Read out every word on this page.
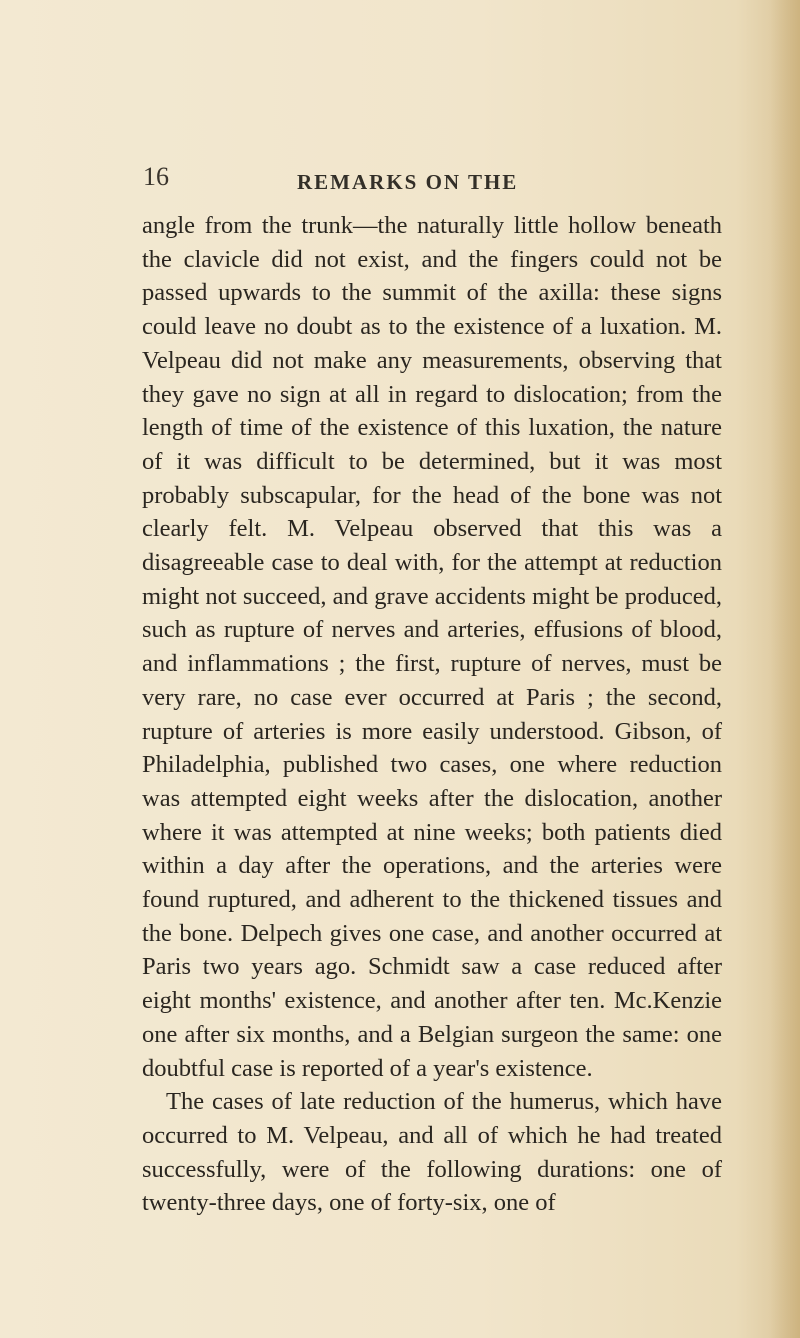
16	REMARKS ON THE

angle from the trunk—the naturally little hollow beneath the clavicle did not exist, and the fingers could not be passed upwards to the summit of the axilla: these signs could leave no doubt as to the existence of a luxation. M. Velpeau did not make any measurements, observing that they gave no sign at all in regard to dislocation; from the length of time of the existence of this luxation, the nature of it was difficult to be determined, but it was most probably subscapular, for the head of the bone was not clearly felt. M. Velpeau observed that this was a disagreeable case to deal with, for the attempt at reduction might not succeed, and grave accidents might be produced, such as rupture of nerves and arteries, effusions of blood, and inflammations ; the first, rupture of nerves, must be very rare, no case ever occurred at Paris ; the second, rupture of arteries is more easily understood. Gibson, of Philadelphia, published two cases, one where reduction was attempted eight weeks after the dislocation, another where it was attempted at nine weeks; both patients died within a day after the operations, and the arteries were found ruptured, and adherent to the thickened tissues and the bone. Delpech gives one case, and another occurred at Paris two years ago. Schmidt saw a case reduced after eight months' existence, and another after ten. Mc.Kenzie one after six months, and a Belgian surgeon the same: one doubtful case is reported of a year's existence.

The cases of late reduction of the humerus, which have occurred to M. Velpeau, and all of which he had treated successfully, were of the following durations: one of twenty-three days, one of forty-six, one of
